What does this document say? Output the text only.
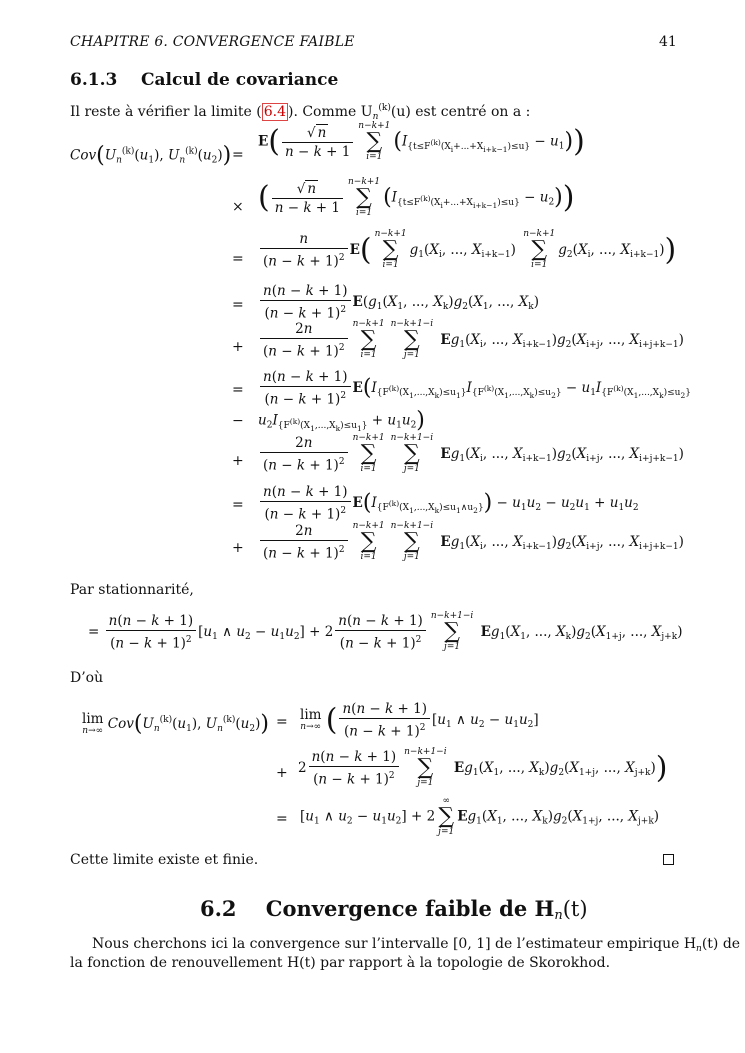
CHAPITRE 6. CONVERGENCE FAIBLE	41
6.1.3 Calcul de covariance
Il reste à vérifier la limite ( 6.4 ). Comme $U_n^{(k)}(u)$ est centré on a :
$Cov(U_n^{(k)}(u_1)$, $U_n^{(k)}(u_2)$) =
$E( \frac{√ n}{n - k + 1} n-k+1$
∑
i=1
$(I_{\{t\le F^{(k)}(X_i+...+X_{i+k-1})\le u\}} - u_1)$)
× ( $\frac{√ n}{n - k + 1} n-k+1$
∑
i=1
$(I_{\{t\le F^{(k)}(X_i+...+X_{i+k-1})\le u\}} - u_2)$)
= $\frac{n}{(n - k + 1)^2} E$( n−k+1
∑
i=1
$g_1(X_i$, ..., $X_{i+k-1}$)
n−k+1
∑
i=1
$g_2(X_i$, ..., $X_{i+k-1}$))
= $\frac{n(n - k + 1)}{(n - k + 1)^2} E(g_1(X_1$, ..., $X_k)g_2(X_1$, ..., $X_k$)
+ $\frac{2n}{(n - k + 1)^2} n-k+1$
∑
i=1
n−k+1−i
∑
j=1
$Eg_1(X_i$, ..., $X_{i+k-1})g_2(X_{i+j}$, ..., $X_{i+j+k-1}$)
= $\frac{n(n - k + 1)}{(n - k + 1)^2} E(I_{\{F^{(k)}(X_1,...,X_k)\le u_1\}}I_{\{F^{(k)}(X_1,...,X_k)\le u_2\}} - u_1I_{\{F^{(k)}(X_1,...,X_k)\le u_2\}}$
− $u_2I_{\{F^{(k)}(X_1,...,X_k)\le u_1\}} + u_1u_2$)
+ $\frac{2n}{(n - k + 1)^2} n-k+1$
∑
i=1
n−k+1−i
∑
j=1
$Eg_1(X_i$, ..., $X_{i+k-1})g_2(X_{i+j}$, ..., $X_{i+j+k-1}$)
= $\frac{n(n - k + 1)}{(n - k + 1)^2} E(I_{\{F^{(k)}(X_1,...,X_k)\le u_1\wedge u_2\}}) - u_1u_2 - u_2u_1 + u_1u_2$
+ $\frac{2n}{(n - k + 1)^2} n-k+1$
∑
i=1
n−k+1−i
∑
j=1
$Eg_1(X_i$, ..., $X_{i+k-1})g_2(X_{i+j}$, ..., $X_{i+j+k-1}$)
Par stationnarité,
= $\frac{n(n - k + 1)}{(n - k + 1)^2} [u_1$ ∧ $u_2 - u_1u_2] + 2 \frac{n(n - k + 1)}{(n - k + 1)^2} n-k+1-i$
∑
j=1
$Eg_1(X_1$, ..., $X_k)g_2(X_{1+j}$, ..., $X_{j+k}$)
D’où
lim
n→∞ $Cov(U_n^{(k)}(u_1)$, $U_n^{(k)}(u_2)) = \lim$
n→∞ ( $\frac{n(n - k + 1)}{(n - k + 1)^2} [u_1$ ∧ $u_2 - u_1u_2$]
+ $2 \frac{n(n - k + 1)}{(n - k + 1)^2} n-k+1-i$
∑
j=1
$Eg_1(X_1$, ..., $X_k)g_2(X_{1+j}$, ..., $X_{j+k}$))
= [$u_1$ ∧ $u_2 - u_1u_2] + 2$
∞
∑
j=1
$Eg_1(X_1$, ..., $X_k)g_2(X_{1+j}$, ..., $X_{j+k}$)
Cette limite existe et finie.
6.2 Convergence faible de $H_n(t)$
Nous cherchons ici la convergence sur l’intervalle [0, 1] de l’estimateur empirique $H_n(t)$ de
la fonction de renouvellement H(t) par rapport à la topologie de Skorokhod.
